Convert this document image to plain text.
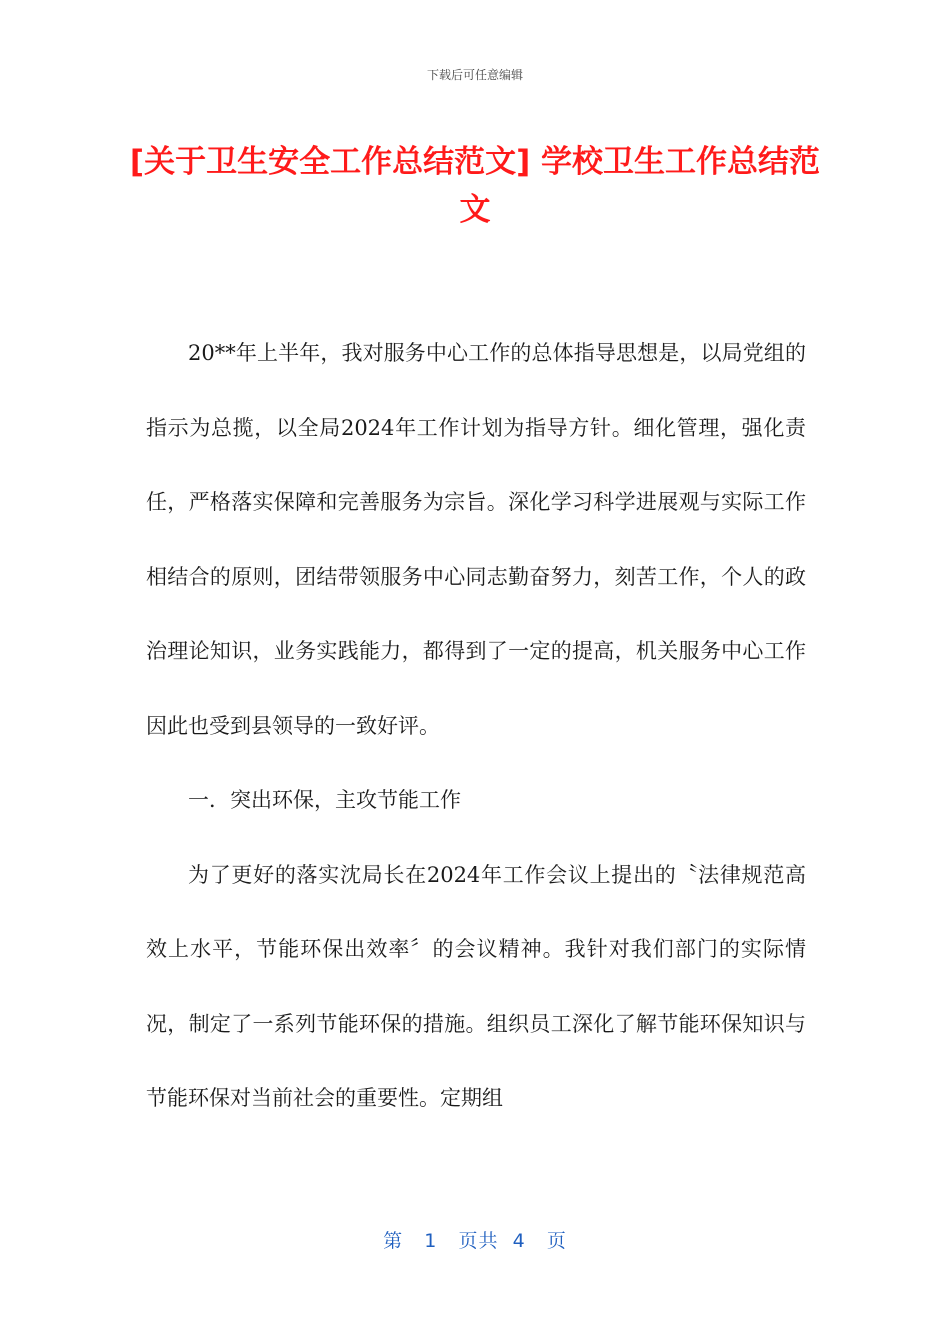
下载后可任意编辑
[关于卫生安全工作总结范文] 学校卫生工作总结范文

20**年上半年，我对服务中心工作的总体指导思想是，以局党组的指示为总揽，以全局2024年工作计划为指导方针。细化管理，强化责任，严格落实保障和完善服务为宗旨。深化学习科学进展观与实际工作相结合的原则，团结带领服务中心同志勤奋努力，刻苦工作，个人的政治理论知识，业务实践能力，都得到了一定的提高，机关服务中心工作因此也受到县领导的一致好评。

一．突出环保，主攻节能工作

为了更好的落实沈局长在2024年工作会议上提出的〝法律规范高效上水平，节能环保出效率〞的会议精神。我针对我们部门的实际情况，制定了一系列节能环保的措施。组织员工深化了解节能环保知识与节能环保对当前社会的重要性。定期组

第 1 页共 4 页
